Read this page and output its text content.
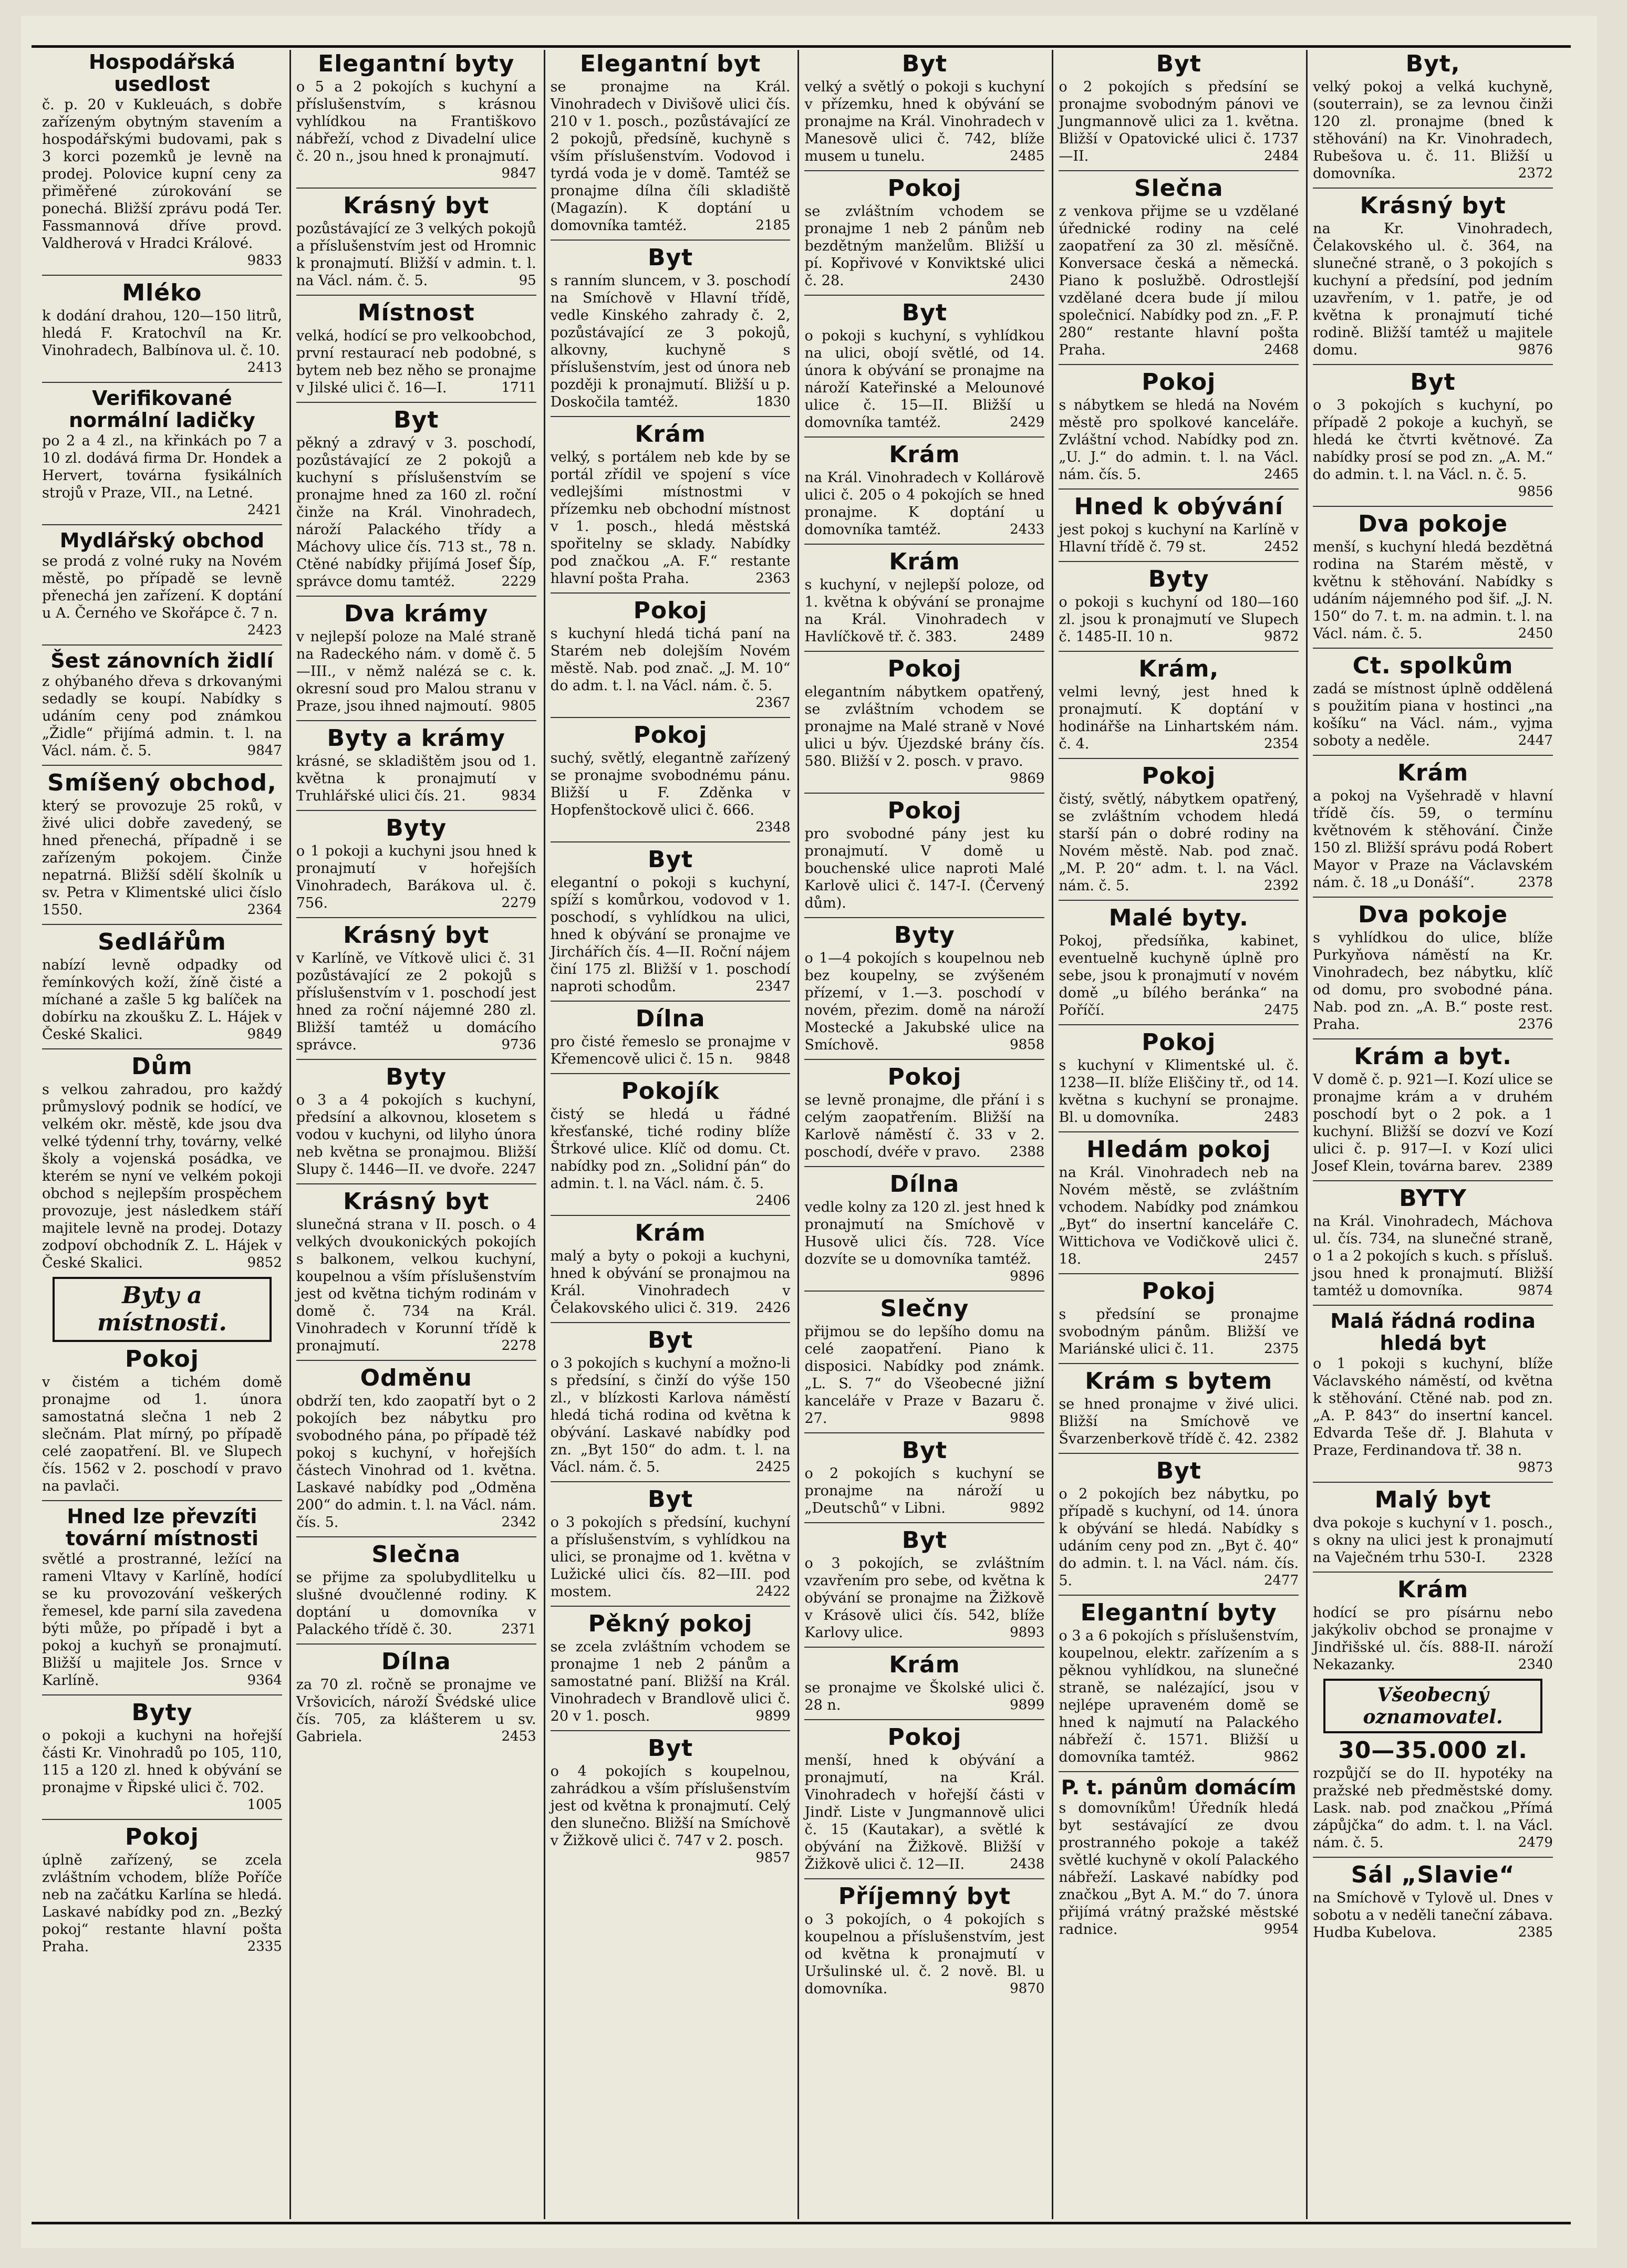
Hospodářská usedlost
č. p. 20 v Kukleuách, s dobře zařízeným obytným stavením a hospodářskými budovami, pak s 3 korci pozemků je levně na prodej. Polovice kupní ceny za přiměřené zúrokování se ponechá. Bližší zprávu podá Ter. Fassmannová dříve provd. Valdherová v Hradci Králové.
9833
Mléko
k dodání drahou, 120—150 litrů, hledá F. Kratochvíl na Kr. Vinohradech, Balbínova ul. č. 10.
2413
Verifikované normální ladičky
po 2 a 4 zl., na křinkách po 7 a 10 zl. dodává firma Dr. Hondek a Hervert, továrna fysikálních strojů v Praze, VII., na Letné.
2421
Mydlářský obchod
se prodá z volné ruky na Novém městě, po případě se levně přenechá jen zařízení. K doptání u A. Černého ve Skořápce č. 7 n.
2423
Šest zánovních židlí
z ohýbaného dřeva s drkovanými sedadly se koupí. Nabídky s udáním ceny pod známkou „Židle“ přijímá admin. t. l. na Václ. nám. č. 5.	9847
Smíšený obchod,
který se provozuje 25 roků, v živé ulici dobře zavedený, se hned přenechá, případně i se zařízeným pokojem. Činže nepatrná. Bližší sdělí školník u sv. Petra v Klimentské ulici číslo 1550.	2364
Sedlářům
nabízí levně odpadky od řemínkových koží, žíně čisté a míchané a zašle 5 kg balíček na dobírku na zkoušku Z. L. Hájek v České Skalici.	9849
Dům
s velkou zahradou, pro každý průmyslový podnik se hodící, ve velkém okr. městě, kde jsou dva velké týdenní trhy, továrny, velké školy a vojenská posádka, ve kterém se nyní ve velkém pokoji obchod s nejlepším prospěchem provozuje, jest následkem stáří majitele levně na prodej. Dotazy zodpoví obchodník Z. L. Hájek v České Skalici.	9852
Byty a místnosti.
Pokoj
v čistém a tichém domě pronajme od 1. února samostatná slečna 1 neb 2 slečnám. Plat mírný, po případě celé zaopatření. Bl. ve Slupech čís. 1562 v 2. poschodí v pravo na pavlači.
Hned lze převzíti tovární místnosti
světlé a prostranné, ležící na rameni Vltavy v Karlíně, hodící se ku provozování veškerých řemesel, kde parní sila zavedena býti může, po případě i byt a pokoj a kuchyň se pronajmutí. Bližší u majitele Jos. Srnce v Karlíně.	9364
Byty
o pokoji a kuchyni na hořejší části Kr. Vinohradů po 105, 110, 115 a 120 zl. hned k obývání se pronajme v Řipské ulici č. 702.
1005
Pokoj
úplně zařízený, se zcela zvláštním vchodem, blíže Poříče neb na začátku Karlína se hledá. Laskavé nabídky pod zn. „Bezký pokoj“ restante hlavní pošta Praha.	2335
Elegantní byty
o 5 a 2 pokojích s kuchyní a příslušenstvím, s krásnou vyhlídkou na Františkovo nábřeží, vchod z Divadelní ulice č. 20 n., jsou hned k pronajmutí.
9847
Krásný byt
pozůstávající ze 3 velkých pokojů a příslušenstvím jest od Hromnic k pronajmutí. Bližší v admin. t. l. na Václ. nám. č. 5.	95
Místnost
velká, hodící se pro velkoobchod, první restaurací neb podobné, s bytem neb bez něho se pronajme v Jilské ulici č. 16—I.	1711
Byt
pěkný a zdravý v 3. poschodí, pozůstávající ze 2 pokojů a kuchyní s příslušenstvím se pronajme hned za 160 zl. roční činže na Král. Vinohradech, nároží Palackého třídy a Máchovy ulice čís. 713 st., 78 n. Ctěné nabídky přijímá Josef Šíp, správce domu tamtéž.	2229
Dva krámy
v nejlepší poloze na Malé straně na Radeckého nám. v domě č. 5—III., v němž nalézá se c. k. okresní soud pro Malou stranu v Praze, jsou ihned najmoutí. 9805
Byty a krámy
krásné, se skladištěm jsou od 1. května k pronajmutí v Truhlářské ulici čís. 21.	9834
Byty
o 1 pokoji a kuchyni jsou hned k pronajmutí v hořejších Vinohradech, Barákova ul. č. 756.	2279
Krásný byt
v Karlíně, ve Vítkově ulici č. 31 pozůstávající ze 2 pokojů s příslušenstvím v 1. poschodí jest hned za roční nájemné 280 zl. Bližší tamtéž u domácího správce.	9736
Byty
o 3 a 4 pokojích s kuchyní, předsíní a alkovnou, klosetem s vodou v kuchyni, od lilyho února neb května se pronajmou. Bližší Slupy č. 1446—II. ve dvoře. 2247
Krásný byt
slunečná strana v II. posch. o 4 velkých dvoukonických pokojích s balkonem, velkou kuchyní, koupelnou a vším příslušenstvím jest od května tichým rodinám v domě č. 734 na Král. Vinohradech v Korunní třídě k pronajmutí.	2278
Odměnu
obdrží ten, kdo zaopatří byt o 2 pokojích bez nábytku pro svobodného pána, po případě též pokoj s kuchyní, v hořejších částech Vinohrad od 1. května. Laskavé nabídky pod „Odměna 200“ do admin. t. l. na Václ. nám. čís. 5.	2342
Slečna
se přijme za spolubydlitelku u slušné dvoučlenné rodiny. K doptání u domovníka v Palackého třídě č. 30.	2371
Dílna
za 70 zl. ročně se pronajme ve Vršovicích, nároží Švédské ulice čís. 705, za klášterem u sv. Gabriela.	2453
Elegantní byt
se pronajme na Král. Vinohradech v Divišově ulici čís. 210 v 1. posch., pozůstávající ze 2 pokojů, předsíně, kuchyně s vším příslušenstvím. Vodovod i tyrdá voda je v domě. Tamtéž se pronajme dílna číli skladiště (Magazín). K doptání u domovníka tamtéž.	2185
Byt
s ranním sluncem, v 3. poschodí na Smíchově v Hlavní třídě, vedle Kinského zahrady č. 2, pozůstávající ze 3 pokojů, alkovny, kuchyně s příslušenstvím, jest od února neb později k pronajmutí. Bližší u p. Doskočila tamtéž.	1830
Krám
velký, s portálem neb kde by se portál zřídil ve spojení s více vedlejšími místnostmi v přízemku neb obchodní místnost v 1. posch., hledá městská spořitelny se sklady. Nabídky pod značkou „A. F.“ restante hlavní pošta Praha.	2363
Pokoj
s kuchyní hledá tichá paní na Starém neb dolejším Novém městě. Nab. pod znač. „J. M. 10“ do adm. t. l. na Václ. nám. č. 5.
2367
Pokoj
suchý, světlý, elegantně zařízený se pronajme svobodnému pánu. Bližší u F. Zděnka v Hopfenštockově ulici č. 666.
2348
Byt
elegantní o pokoji s kuchyní, spíží s komůrkou, vodovod v 1. poschodí, s vyhlídkou na ulici, hned k obývání se pronajme ve Jirchářích čís. 4—II. Roční nájem činí 175 zl. Bližší v 1. poschodí naproti schodům.	2347
Dílna
pro čisté řemeslo se pronajme v Křemencově ulici č. 15 n. 9848
Pokojík
čistý se hledá u řádné křesťanské, tiché rodiny blíže Štrkové ulice. Klíč od domu. Ct. nabídky pod zn. „Solidní pán“ do admin. t. l. na Václ. nám. č. 5.
2406
Krám
malý a byty o pokoji a kuchyni, hned k obývání se pronajmou na Král. Vinohradech v Čelakovského ulici č. 319. 2426
Byt
o 3 pokojích s kuchyní a možno-li s předsíní, s činží do výše 150 zl., v blízkosti Karlova náměstí hledá tichá rodina od května k obývání. Laskavé nabídky pod zn. „Byt 150“ do adm. t. l. na Václ. nám. č. 5.	2425
Byt
o 3 pokojích s předsíní, kuchyní a příslušenstvím, s vyhlídkou na ulici, se pronajme od 1. května v Lužické ulici čís. 82—III. pod mostem.	2422
Pěkný pokoj
se zcela zvláštním vchodem se pronajme 1 neb 2 pánům a samostatné paní. Bližší na Král. Vinohradech v Brandlově ulici č. 20 v 1. posch.	9899
Byt
o 4 pokojích s koupelnou, zahrádkou a vším příslušenstvím jest od května k pronajmutí. Celý den slunečno. Bližší na Smíchově v Žižkově ulici č. 747 v 2. posch.
9857
Byt
velký a světlý o pokoji s kuchyní v přízemku, hned k obývání se pronajme na Král. Vinohradech v Manesově ulici č. 742, blíže musem u tunelu.	2485
Pokoj
se zvláštním vchodem se pronajme 1 neb 2 pánům neb bezdětným manželům. Bližší u pí. Kopřivové v Konviktské ulici č. 28.	2430
Byt
o pokoji s kuchyní, s vyhlídkou na ulici, obojí světlé, od 14. února k obývání se pronajme na nároží Kateřinské a Melounové ulice č. 15—II. Bližší u domovníka tamtéž.	2429
Krám
na Král. Vinohradech v Kollárově ulici č. 205 o 4 pokojích se hned pronajme. K doptání u domovníka tamtéž.	2433
Krám
s kuchyní, v nejlepší poloze, od 1. května k obývání se pronajme na Král. Vinohradech v Havlíčkově tř. č. 383.	2489
Pokoj
elegantním nábytkem opatřený, se zvláštním vchodem se pronajme na Malé straně v Nové ulici u býv. Újezdské brány čís. 580. Bližší v 2. posch. v pravo.
9869
Pokoj
pro svobodné pány jest ku pronajmutí. V domě u bouchenské ulice naproti Malé Karlově ulici č. 147-I. (Červený dům).
Byty
o 1—4 pokojích s koupelnou neb bez koupelny, se zvýšeném přízemí, v 1.—3. poschodí v novém, přezim. domě na nároží Mostecké a Jakubské ulice na Smíchově.	9858
Pokoj
se levně pronajme, dle přání i s celým zaopatřením. Bližší na Karlově náměstí č. 33 v 2. poschodí, dvéře v pravo. 2388
Dílna
vedle kolny za 120 zl. jest hned k pronajmutí na Smíchově v Husově ulici čís. 728. Více dozvíte se u domovníka tamtéž.
9896
Slečny
přijmou se do lepšího domu na celé zaopatření. Piano k disposici. Nabídky pod známk. „L. S. 7“ do Všeobecné jižní kanceláře v Praze v Bazaru č. 27.	9898
Byt
o 2 pokojích s kuchyní se pronajme na nároží u „Deutschů“ v Libni.	9892
Byt
o 3 pokojích, se zvláštním vzavřením pro sebe, od května k obývání se pronajme na Žižkově v Krásově ulici čís. 542, blíže Karlovy ulice.	9893
Krám
se pronajme ve Školské ulici č. 28 n.	9899
Pokoj
menší, hned k obývání a pronajmutí, na Král. Vinohradech v hořejší části v Jindř. Liste v Jungmannově ulici č. 15 (Kautakar), a světlé k obývání na Žižkově. Bližší v Žižkově ulici č. 12—II.	2438
Příjemný byt
o 3 pokojích, o 4 pokojích s koupelnou a příslušenstvím, jest od května k pronajmutí v Uršulinské ul. č. 2 nově. Bl. u domovníka.	9870
Byt
o 2 pokojích s předsíní se pronajme svobodným pánovi ve Jungmannově ulici za 1. května. Bližší v Opatovické ulici č. 1737—II.	2484
Slečna
z venkova přijme se u vzdělané úřednické rodiny na celé zaopatření za 30 zl. měsíčně. Konversace česká a německá. Piano k poslužbě. Odrostlejší vzdělané dcera bude jí milou společnicí. Nabídky pod zn. „F. P. 280“ restante hlavní pošta Praha.	2468
Pokoj
s nábytkem se hledá na Novém městě pro spolkové kanceláře. Zvláštní vchod. Nabídky pod zn. „U. J.“ do admin. t. l. na Václ. nám. čís. 5.	2465
Hned k obývání
jest pokoj s kuchyní na Karlíně v Hlavní třídě č. 79 st.	2452
Byty
o pokoji s kuchyní od 180—160 zl. jsou k pronajmutí ve Slupech č. 1485-II. 10 n.	9872
Krám,
velmi levný, jest hned k pronajmutí. K doptání v hodinářše na Linhartském nám. č. 4.	2354
Pokoj
čistý, světlý, nábytkem opatřený, se zvláštním vchodem hledá starší pán o dobré rodiny na Novém městě. Nab. pod znač. „M. P. 20“ adm. t. l. na Václ. nám. č. 5.	2392
Malé byty.
Pokoj, předsíňka, kabinet, eventuelně kuchyně úplně pro sebe, jsou k pronajmutí v novém domě „u bílého beránka“ na Poříčí.	2475
Pokoj
s kuchyní v Klimentské ul. č. 1238—II. blíže Eliščiny tř., od 14. května s kuchyní se pronajme. Bl. u domovníka.	2483
Hledám pokoj
na Král. Vinohradech neb na Novém městě, se zvláštním vchodem. Nabídky pod známkou „Byt“ do insertní kanceláře C. Wittichova ve Vodičkově ulici č. 18.	2457
Pokoj
s předsíní se pronajme svobodným pánům. Bližší ve Mariánské ulici č. 11.	2375
Krám s bytem
se hned pronajme v živé ulici. Bližší na Smíchově ve Švarzenberkově třídě č. 42. 2382
Byt
o 2 pokojích bez nábytku, po případě s kuchyní, od 14. února k obývání se hledá. Nabídky s udáním ceny pod zn. „Byt č. 40“ do admin. t. l. na Václ. nám. čís. 5.	2477
Elegantní byty
o 3 a 6 pokojích s příslušenstvím, koupelnou, elektr. zařízením a s pěknou vyhlídkou, na slunečné straně, se nalézající, jsou v nejlépe upraveném domě se hned k najmutí na Palackého nábřeží č. 1571. Bližší u domovníka tamtéž.	9862
P. t. pánům domácím
s domovníkům! Úředník hledá byt sestávající ze dvou prostranného pokoje a takéž světlé kuchyně v okolí Palackého nábřeží. Laskavé nabídky pod značkou „Byt A. M.“ do 7. února přijímá vrátný pražské městské radnice.	9954
Byt,
velký pokoj a velká kuchyně, (souterrain), se za levnou činži 120 zl. pronajme (bned k stěhování) na Kr. Vinohradech, Rubešova u. č. 11. Bližší u domovníka.	2372
Krásný byt
na Kr. Vinohradech, Čelakovského ul. č. 364, na slunečné straně, o 3 pokojích s kuchyní a předsíní, pod jedním uzavřením, v 1. patře, je od května k pronajmutí tiché rodině. Bližší tamtéž u majitele domu.	9876
Byt
o 3 pokojích s kuchyní, po případě 2 pokoje a kuchyň, se hledá ke čtvrti květnové. Za nabídky prosí se pod zn. „A. M.“ do admin. t. l. na Václ. n. č. 5.
9856
Dva pokoje
menší, s kuchyní hledá bezdětná rodina na Starém městě, v květnu k stěhování. Nabídky s udáním nájemného pod šif. „J. N. 150“ do 7. t. m. na admin. t. l. na Václ. nám. č. 5.	2450
Ct. spolkům
zadá se místnost úplně oddělená s použitím piana v hostinci „na košíku“ na Václ. nám., vyjma soboty a neděle.	2447
Krám
a pokoj na Vyšehradě v hlavní třídě čís. 59, o termínu květnovém k stěhování. Činže 150 zl. Bližší správu podá Robert Mayor v Praze na Václavském nám. č. 18 „u Donáší“.	2378
Dva pokoje
s vyhlídkou do ulice, blíže Purkyňova náměstí na Kr. Vinohradech, bez nábytku, klíč od domu, pro svobodné pána. Nab. pod zn. „A. B.“ poste rest. Praha.	2376
Krám a byt.
V domě č. p. 921—I. Kozí ulice se pronajme krám a v druhém poschodí byt o 2 pok. a 1 kuchyní. Bližší se dozví ve Kozí ulici č. p. 917—I. v Kozí ulici Josef Klein, továrna barev. 2389
BYTY
na Král. Vinohradech, Máchova ul. čís. 734, na slunečné straně, o 1 a 2 pokojích s kuch. s přísluš. jsou hned k pronajmutí. Bližší tamtéž u domovníka.	9874
Malá řádná rodina hledá byt
o 1 pokoji s kuchyní, blíže Václavského náměstí, od května k stěhování. Ctěné nab. pod zn. „A. P. 843“ do insertní kancel. Edvarda Teše dř. J. Blahuta v Praze, Ferdinandova tř. 38 n.
9873
Malý byt
dva pokoje s kuchyní v 1. posch., s okny na ulici jest k pronajmutí na Vaječném trhu 530-I. 2328
Krám
hodící se pro písárnu nebo jakýkoliv obchod se pronajme v Jindřišské ul. čís. 888-II. nároží Nekazanky.	2340
Všeobecný oznamovatel.
30—35.000 zl.
rozpůjčí se do II. hypotéky na pražské neb předměstské domy. Lask. nab. pod značkou „Přímá zápůjčka“ do adm. t. l. na Václ. nám. č. 5.	2479
Sál „Slavie“
na Smíchově v Tylově ul. Dnes v sobotu a v neděli taneční zábava. Hudba Kubelova.	2385
